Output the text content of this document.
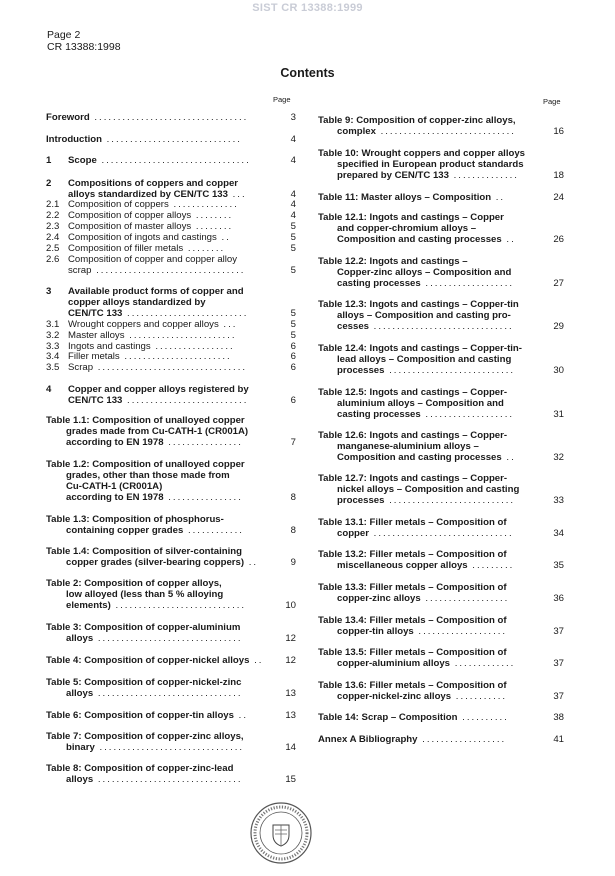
SIST CR 13388:1999
Page 2
CR 13388:1998
Contents
Page	Page
Foreword .................................	3
Introduction .............................	4
1 Scope ................................	4
2 Compositions of coppers and copper
alloys standardized by CEN/TC 133 ...	4
2.1 Composition of coppers ..............	4
2.2 Composition of copper alloys ........	4
2.3 Composition of master alloys ........	5
2.4 Composition of ingots and castings ..	5
2.5 Composition of filler metals ........	5
2.6 Composition of copper and copper alloy
scrap ................................	5
3 Available product forms of copper and
copper alloys standardized by
CEN/TC 133 ..........................	5
3.1 Wrought coppers and copper alloys ...	5
3.2 Master alloys .......................	5
3.3 Ingots and castings .................	6
3.4 Filler metals .......................	6
3.5 Scrap ................................	6
4 Copper and copper alloys registered by
CEN/TC 133 ..........................	6
Table 1.1: Composition of unalloyed copper
grades made from Cu-CATH-1 (CR001A)
according to EN 1978 ................	7
Table 1.2: Composition of unalloyed copper
grades, other than those made from
Cu-CATH-1 (CR001A)
according to EN 1978 ................	8
Table 1.3: Composition of phosphorus-
containing copper grades ............	8
Table 1.4: Composition of silver-containing
copper grades (silver-bearing coppers) ..	9
Table 2: Composition of copper alloys,
low alloyed (less than 5 % alloying
elements) ............................	10
Table 3: Composition of copper-aluminium
alloys ...............................	12
Table 4: Composition of copper-nickel alloys ..	12
Table 5: Composition of copper-nickel-zinc
alloys ...............................	13
Table 6: Composition of copper-tin alloys ..	13
Table 7: Composition of copper-zinc alloys,
binary ...............................	14
Table 8: Composition of copper-zinc-lead
alloys ...............................	15
Table 9: Composition of copper-zinc alloys,
complex .............................	16
Table 10: Wrought coppers and copper alloys
specified in European product standards
prepared by CEN/TC 133 ..............	18
Table 11: Master alloys – Composition ..	24
Table 12.1: Ingots and castings – Copper
and copper-chromium alloys –
Composition and casting processes ..	26
Table 12.2: Ingots and castings –
Copper-zinc alloys – Composition and
casting processes ...................	27
Table 12.3: Ingots and castings – Copper-tin
alloys – Composition and casting pro-
cesses ..............................	29
Table 12.4: Ingots and castings – Copper-tin-
lead alloys – Composition and casting
processes ...........................	30
Table 12.5: Ingots and castings – Copper-
aluminium alloys – Composition and
casting processes ...................	31
Table 12.6: Ingots and castings – Copper-
manganese-aluminium alloys –
Composition and casting processes ..	32
Table 12.7: Ingots and castings – Copper-
nickel alloys – Composition and casting
processes ...........................	33
Table 13.1: Filler metals – Composition of
copper ..............................	34
Table 13.2: Filler metals – Composition of
miscellaneous copper alloys .........	35
Table 13.3: Filler metals – Composition of
copper-zinc alloys ..................	36
Table 13.4: Filler metals – Composition of
copper-tin alloys ...................	37
Table 13.5: Filler metals – Composition of
copper-aluminium alloys .............	37
Table 13.6: Filler metals – Composition of
copper-nickel-zinc alloys ...........	37
Table 14: Scrap – Composition ..........	38
Annex A Bibliography ..................	41
